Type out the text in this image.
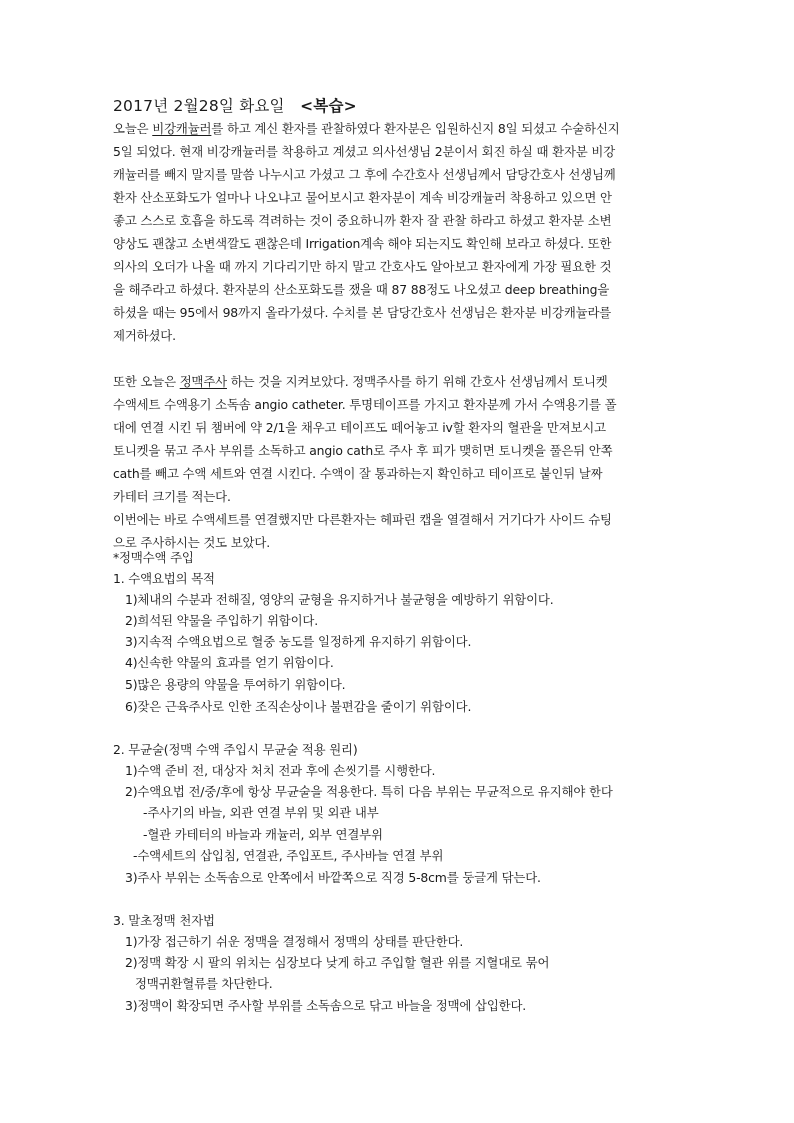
2017년 2월28일 화요일 <복습>
오늘은 비강캐뉼러를 하고 계신 환자를 관찰하였다 환자분은 입원하신지 8일 되셨고 수술하신지
5일 되었다. 현재 비강캐뉼러를 착용하고 계셨고 의사선생님 2분이서 회진 하실 때 환자분 비강
캐뉼러를 빼지 말지를 말씀 나누시고 가셨고 그 후에 수간호사 선생님께서 담당간호사 선생님께
환자 산소포화도가 얼마나 나오냐고 물어보시고 환자분이 계속 비강캐뉼러 착용하고 있으면 안
좋고 스스로 호흡을 하도록 격려하는 것이 중요하니까 환자 잘 관찰 하라고 하셨고 환자분 소변
양상도 괜찮고 소변색깔도 괜찮은데 Irrigation계속 해야 되는지도 확인해 보라고 하셨다. 또한
의사의 오더가 나올 때 까지 기다리기만 하지 말고 간호사도 알아보고 환자에게 가장 필요한 것
을 해주라고 하셨다. 환자분의 산소포화도를 쟀을 때 87 88정도 나오셨고 deep breathing을
하셨을 때는 95에서 98까지 올라가셨다. 수치를 본 담당간호사 선생님은 환자분 비강캐뉼라를
제거하셨다.
또한 오늘은 정맥주사 하는 것을 지켜보았다. 정맥주사를 하기 위해 간호사 선생님께서 토니켓
수액세트 수액용기 소독솜 angio catheter. 투명테이프를 가지고 환자분께 가서 수액용기를 폴
대에 연결 시킨 뒤 챔버에 약 2/1을 채우고 테이프도 떼어놓고 iv할 환자의 혈관을 만져보시고
토니켓을 묶고 주사 부위를 소독하고 angio cath로 주사 후 피가 맺히면 토니켓을 풀은뒤 안쪽
cath를 빼고 수액 세트와 연결 시킨다. 수액이 잘 통과하는지 확인하고 테이프로 붙인뒤 날짜
카테터 크기를 적는다.
이번에는 바로 수액세트를 연결했지만 다른환자는 헤파린 캡을 열결해서 거기다가 사이드 슈팅
으로 주사하시는 것도 보았다.
*정맥수액 주입
1. 수액요법의 목적
1)체내의 수분과 전해질, 영양의 균형을 유지하거나 불균형을 예방하기 위함이다.
2)희석된 약물을 주입하기 위함이다.
3)지속적 수액요법으로 혈중 농도를 일정하게 유지하기 위함이다.
4)신속한 약물의 효과를 얻기 위함이다.
5)많은 용량의 약물을 투여하기 위함이다.
6)잦은 근육주사로 인한 조직손상이나 불편감을 줄이기 위함이다.
2. 무균술(정맥 수액 주입시 무균술 적용 원리)
1)수액 준비 전, 대상자 처치 전과 후에 손씻기를 시행한다.
2)수액요법 전/중/후에 항상 무균술을 적용한다. 특히 다음 부위는 무균적으로 유지해야 한다
-주사기의 바늘, 외관 연결 부위 및 외관 내부
-혈관 카테터의 바늘과 캐뉼러, 외부 연결부위
-수액세트의 삽입침, 연결관, 주입포트, 주사바늘 연결 부위
3)주사 부위는 소독솜으로 안쪽에서 바깥쪽으로 직경 5-8cm를 둥글게 닦는다.
3. 말초정맥 천자법
1)가장 접근하기 쉬운 정맥을 결정해서 정맥의 상태를 판단한다.
2)정맥 확장 시 팔의 위치는 심장보다 낮게 하고 주입할 혈관 위를 지혈대로 묶어
정맥귀환혈류를 차단한다.
3)정맥이 확장되면 주사할 부위를 소독솜으로 닦고 바늘을 정맥에 삽입한다.
